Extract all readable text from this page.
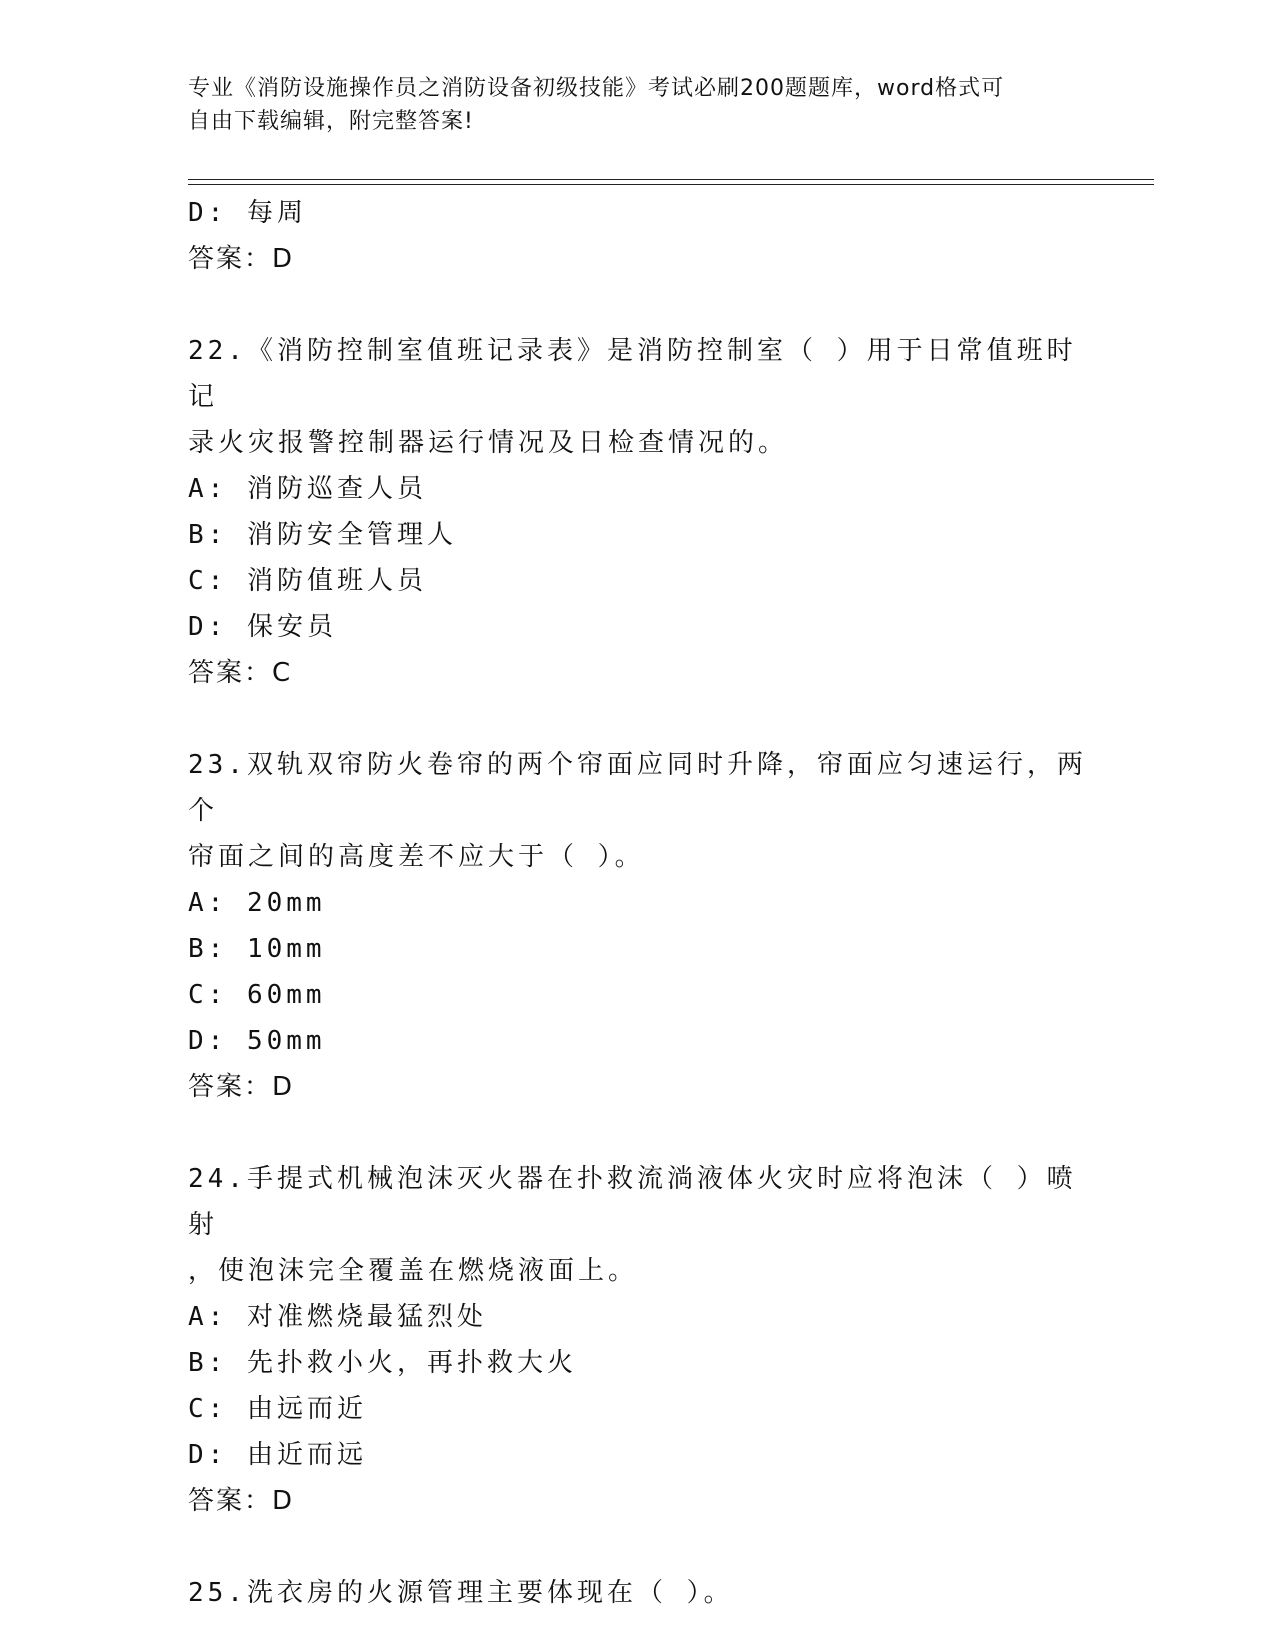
专业《消防设施操作员之消防设备初级技能》考试必刷200题题库，word格式可
自由下载编辑，附完整答案!
D: 每周
答案：D
22.《消防控制室值班记录表》是消防控制室（ ）用于日常值班时记
录火灾报警控制器运行情况及日检查情况的。
A: 消防巡查人员
B: 消防安全管理人
C: 消防值班人员
D: 保安员
答案：C
23.双轨双帘防火卷帘的两个帘面应同时升降，帘面应匀速运行，两个
帘面之间的高度差不应大于（ ）。
A: 20mm
B: 10mm
C: 60mm
D: 50mm
答案：D
24.手提式机械泡沫灭火器在扑救流淌液体火灾时应将泡沫（ ）喷射
，使泡沫完全覆盖在燃烧液面上。
A: 对准燃烧最猛烈处
B: 先扑救小火，再扑救大火
C: 由远而近
D: 由近而远
答案：D
25.洗衣房的火源管理主要体现在（ ）。
